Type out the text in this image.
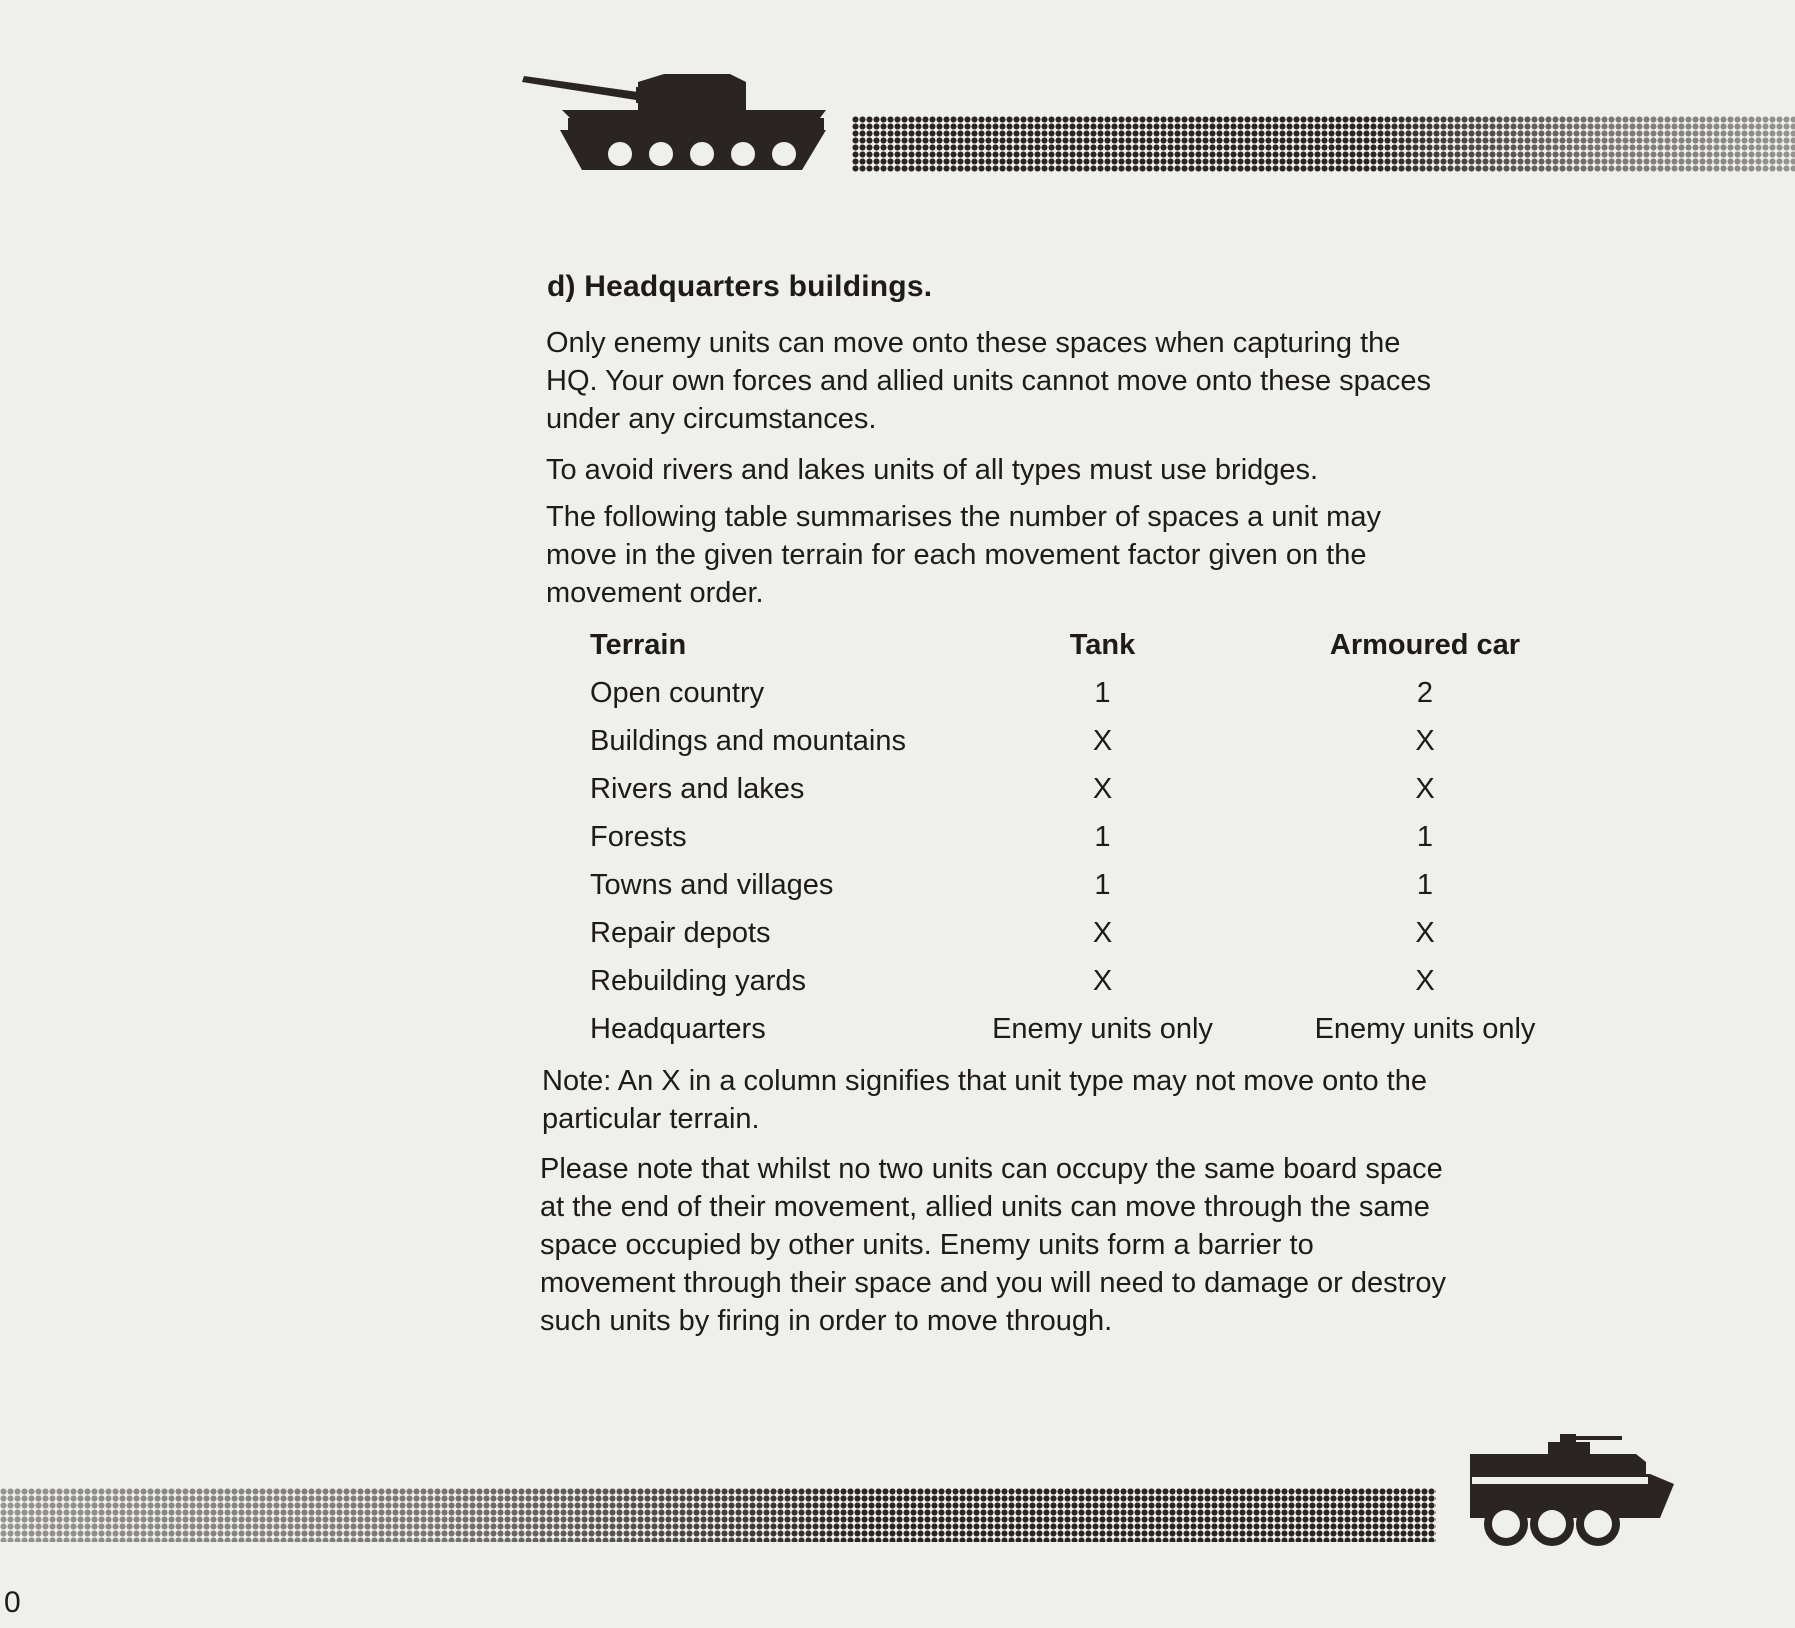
d) Headquarters buildings.

Only enemy units can move onto these spaces when capturing the
HQ. Your own forces and allied units cannot move onto these spaces
under any circumstances.

To avoid rivers and lakes units of all types must use bridges.

The following table summarises the number of spaces a unit may
move in the given terrain for each movement factor given on the
movement order.

Terrain	Tank	Armoured car
Open country	1	2
Buildings and mountains	X	X
Rivers and lakes	X	X
Forests	1	1
Towns and villages	1	1
Repair depots	X	X
Rebuilding yards	X	X
Headquarters	Enemy units only	Enemy units only

Note: An X in a column signifies that unit type may not move onto the
particular terrain.

Please note that whilst no two units can occupy the same board space
at the end of their movement, allied units can move through the same
space occupied by other units. Enemy units form a barrier to
movement through their space and you will need to damage or destroy
such units by firing in order to move through.

0
